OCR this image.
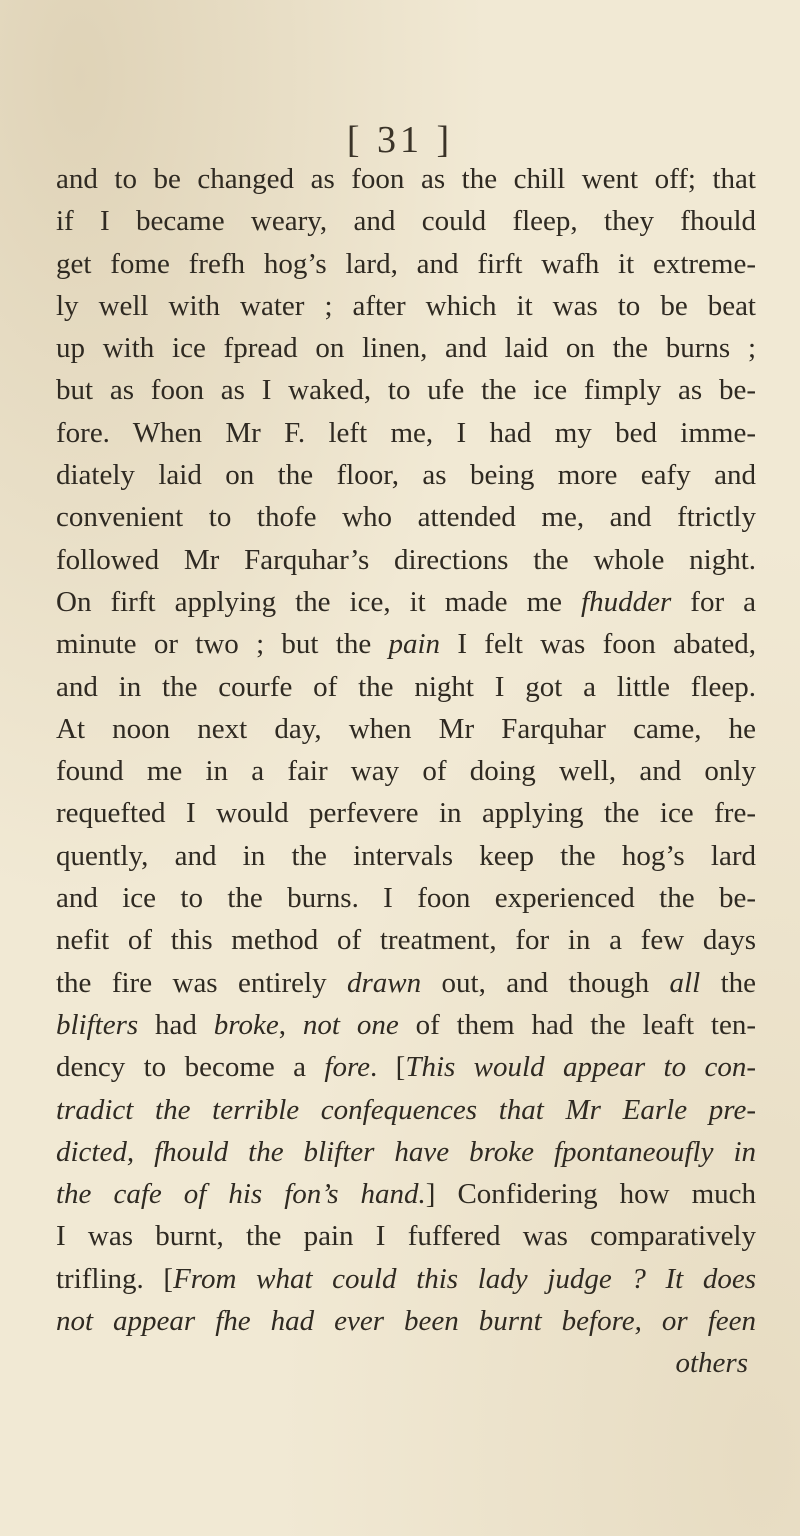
[ 31 ]
and to be changed as foon as the chill went off; that
if I became weary, and could fleep, they fhould
get fome frefh hog’s lard, and firft wafh it extreme-
ly well with water ; after which it was to be beat
up with ice fpread on linen, and laid on the burns ;
but as foon as I waked, to ufe the ice fimply as be-
fore. When Mr F. left me, I had my bed imme-
diately laid on the floor, as being more eafy and
convenient to thofe who attended me, and ftrictly
followed Mr Farquhar’s directions the whole night.
On firft applying the ice, it made me fhudder for a
minute or two ; but the pain I felt was foon abated,
and in the courfe of the night I got a little fleep.
At noon next day, when Mr Farquhar came, he
found me in a fair way of doing well, and only
requefted I would perfevere in applying the ice fre-
quently, and in the intervals keep the hog’s lard
and ice to the burns. I foon experienced the be-
nefit of this method of treatment, for in a few days
the fire was entirely drawn out, and though all the
blifters had broke, not one of them had the leaft ten-
dency to become a fore. [This would appear to con-
tradict the terrible confequences that Mr Earle pre-
dicted, fhould the blifter have broke fpontaneoufly in
the cafe of his fon’s hand.] Confidering how much
I was burnt, the pain I fuffered was comparatively
trifling. [From what could this lady judge ? It does
not appear fhe had ever been burnt before, or feen
others
